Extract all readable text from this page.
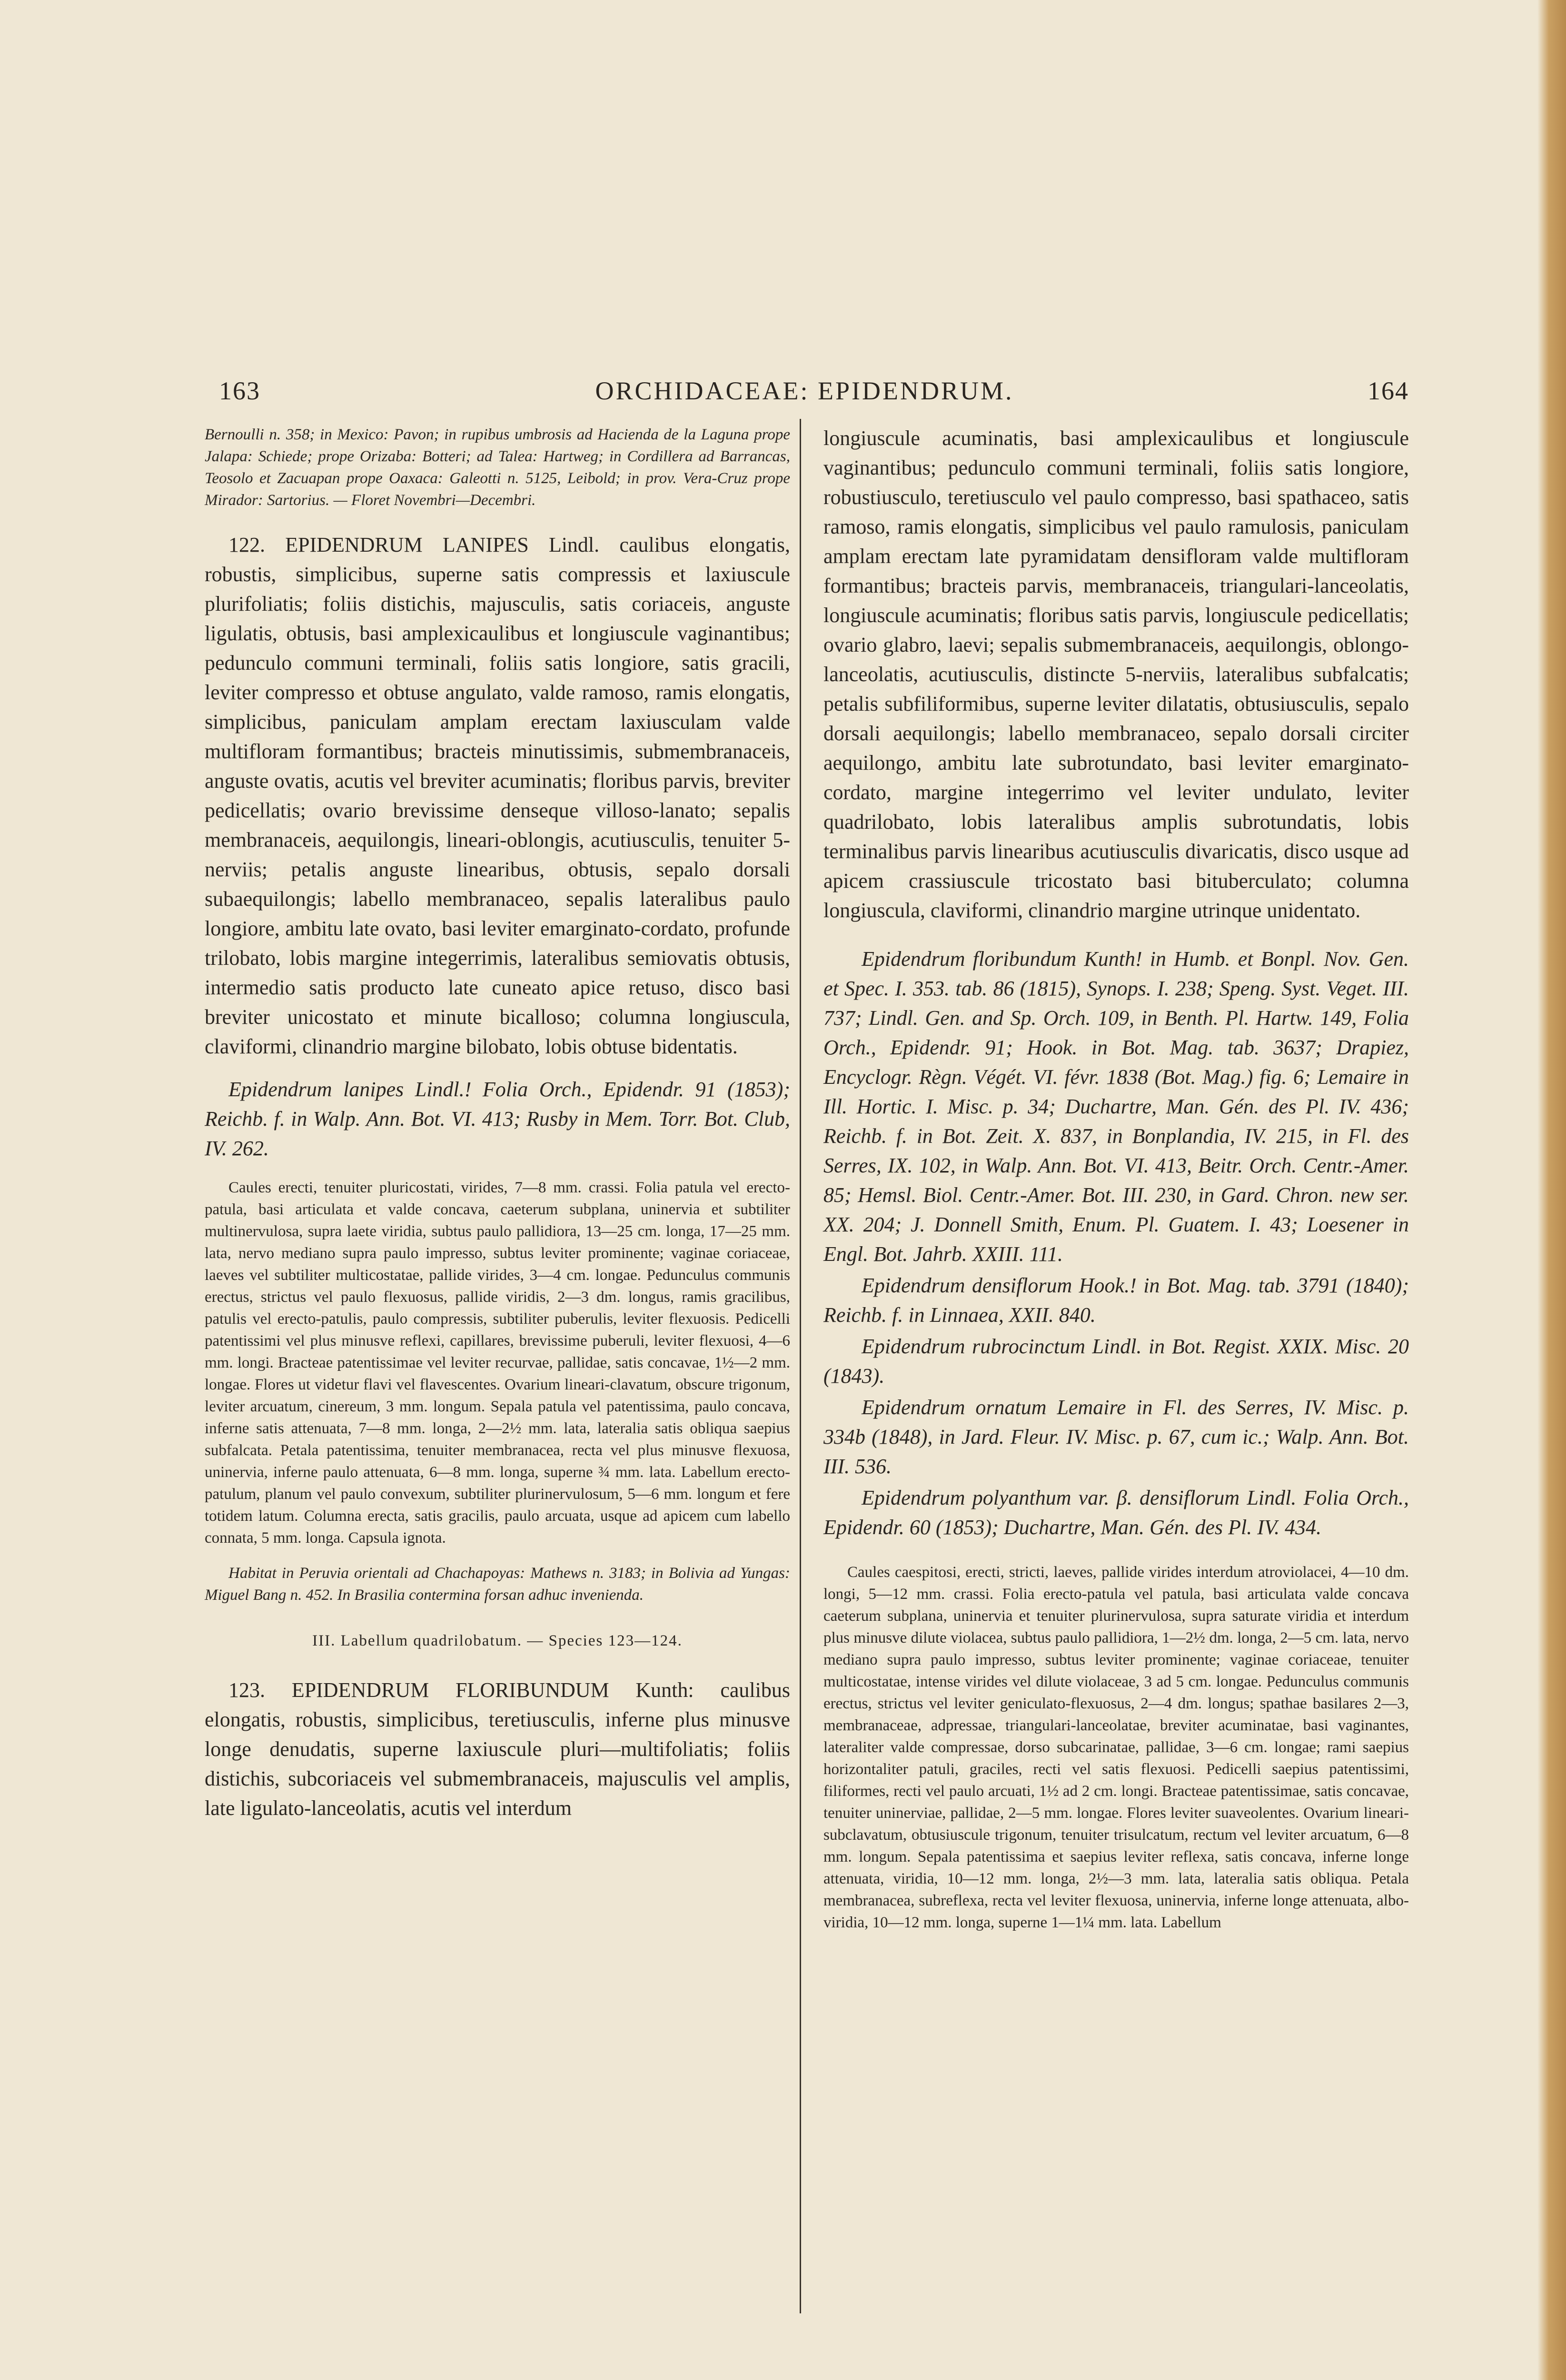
163	ORCHIDACEAE: EPIDENDRUM.	164

Bernoulli n. 358; in Mexico: Pavon; in rupibus umbrosis ad Hacienda de la Laguna prope Jalapa: Schiede; prope Orizaba: Botteri; ad Talea: Hartweg; in Cordillera ad Barrancas, Teosolo et Zacuapan prope Oaxaca: Galeotti n. 5125, Leibold; in prov. Vera-Cruz prope Mirador: Sartorius. — Floret Novembri—Decembri.

122. EPIDENDRUM LANIPES Lindl. caulibus elongatis, robustis, simplicibus, superne satis compressis et laxiuscule plurifoliatis; foliis distichis, majusculis, satis coriaceis, anguste ligulatis, obtusis, basi amplexicaulibus et longiuscule vaginantibus; pedunculo communi terminali, foliis satis longiore, satis gracili, leviter compresso et obtuse angulato, valde ramoso, ramis elongatis, simplicibus, paniculam amplam erectam laxiusculam valde multifloram formantibus; bracteis minutissimis, submembranaceis, anguste ovatis, acutis vel breviter acuminatis; floribus parvis, breviter pedicellatis; ovario brevissime denseque villoso-lanato; sepalis membranaceis, aequilongis, lineari-oblongis, acutiusculis, tenuiter 5-nerviis; petalis anguste linearibus, obtusis, sepalo dorsali subaequilongis; labello membranaceo, sepalis lateralibus paulo longiore, ambitu late ovato, basi leviter emarginato-cordato, profunde trilobato, lobis margine integerrimis, lateralibus semiovatis obtusis, intermedio satis producto late cuneato apice retuso, disco basi breviter unicostato et minute bicalloso; columna longiuscula, claviformi, clinandrio margine bilobato, lobis obtuse bidentatis.

Epidendrum lanipes Lindl.! Folia Orch., Epidendr. 91 (1853); Reichb. f. in Walp. Ann. Bot. VI. 413; Rusby in Mem. Torr. Bot. Club, IV. 262.

Caules erecti, tenuiter pluricostati, virides, 7—8 mm. crassi. Folia patula vel erecto-patula, basi articulata et valde concava, caeterum subplana, uninervia et subtiliter multinervulosa, supra laete viridia, subtus paulo pallidiora, 13—25 cm. longa, 17—25 mm. lata, nervo mediano supra paulo impresso, subtus leviter prominente; vaginae coriaceae, laeves vel subtiliter multicostatae, pallide virides, 3—4 cm. longae. Pedunculus communis erectus, strictus vel paulo flexuosus, pallide viridis, 2—3 dm. longus, ramis gracilibus, patulis vel erecto-patulis, paulo compressis, subtiliter puberulis, leviter flexuosis. Pedicelli patentissimi vel plus minusve reflexi, capillares, brevissime puberuli, leviter flexuosi, 4—6 mm. longi. Bracteae patentissimae vel leviter recurvae, pallidae, satis concavae, 1½—2 mm. longae. Flores ut videtur flavi vel flavescentes. Ovarium lineari-clavatum, obscure trigonum, leviter arcuatum, cinereum, 3 mm. longum. Sepala patula vel patentissima, paulo concava, inferne satis attenuata, 7—8 mm. longa, 2—2½ mm. lata, lateralia satis obliqua saepius subfalcata. Petala patentissima, tenuiter membranacea, recta vel plus minusve flexuosa, uninervia, inferne paulo attenuata, 6—8 mm. longa, superne ¾ mm. lata. Labellum erecto-patulum, planum vel paulo convexum, subtiliter plurinervulosum, 5—6 mm. longum et fere totidem latum. Columna erecta, satis gracilis, paulo arcuata, usque ad apicem cum labello connata, 5 mm. longa. Capsula ignota.

Habitat in Peruvia orientali ad Chachapoyas: Mathews n. 3183; in Bolivia ad Yungas: Miguel Bang n. 452. In Brasilia contermina forsan adhuc invenienda.

III. Labellum quadrilobatum. — Species 123—124.

123. EPIDENDRUM FLORIBUNDUM Kunth: caulibus elongatis, robustis, simplicibus, teretiusculis, inferne plus minusve longe denudatis, superne laxiuscule pluri—multifoliatis; foliis distichis, subcoriaceis vel submembranaceis, majusculis vel amplis, late ligulato-lanceolatis, acutis vel interdum

longiuscule acuminatis, basi amplexicaulibus et longiuscule vaginantibus; pedunculo communi terminali, foliis satis longiore, robustiusculo, teretiusculo vel paulo compresso, basi spathaceo, satis ramoso, ramis elongatis, simplicibus vel paulo ramulosis, paniculam amplam erectam late pyramidatam densifloram valde multifloram formantibus; bracteis parvis, membranaceis, triangulari-lanceolatis, longiuscule acuminatis; floribus satis parvis, longiuscule pedicellatis; ovario glabro, laevi; sepalis submembranaceis, aequilongis, oblongo-lanceolatis, acutiusculis, distincte 5-nerviis, lateralibus subfalcatis; petalis subfiliformibus, superne leviter dilatatis, obtusiusculis, sepalo dorsali aequilongis; labello membranaceo, sepalo dorsali circiter aequilongo, ambitu late subrotundato, basi leviter emarginato-cordato, margine integerrimo vel leviter undulato, leviter quadrilobato, lobis lateralibus amplis subrotundatis, lobis terminalibus parvis linearibus acutiusculis divaricatis, disco usque ad apicem crassiuscule tricostato basi bituberculato; columna longiuscula, claviformi, clinandrio margine utrinque unidentato.

Epidendrum floribundum Kunth! in Humb. et Bonpl. Nov. Gen. et Spec. I. 353. tab. 86 (1815), Synops. I. 238; Speng. Syst. Veget. III. 737; Lindl. Gen. and Sp. Orch. 109, in Benth. Pl. Hartw. 149, Folia Orch., Epidendr. 91; Hook. in Bot. Mag. tab. 3637; Drapiez, Encyclogr. Règn. Végét. VI. févr. 1838 (Bot. Mag.) fig. 6; Lemaire in Ill. Hortic. I. Misc. p. 34; Duchartre, Man. Gén. des Pl. IV. 436; Reichb. f. in Bot. Zeit. X. 837, in Bonplandia, IV. 215, in Fl. des Serres, IX. 102, in Walp. Ann. Bot. VI. 413, Beitr. Orch. Centr.-Amer. 85; Hemsl. Biol. Centr.-Amer. Bot. III. 230, in Gard. Chron. new ser. XX. 204; J. Donnell Smith, Enum. Pl. Guatem. I. 43; Loesener in Engl. Bot. Jahrb. XXIII. 111.

Epidendrum densiflorum Hook.! in Bot. Mag. tab. 3791 (1840); Reichb. f. in Linnaea, XXII. 840.

Epidendrum rubrocinctum Lindl. in Bot. Regist. XXIX. Misc. 20 (1843).

Epidendrum ornatum Lemaire in Fl. des Serres, IV. Misc. p. 334b (1848), in Jard. Fleur. IV. Misc. p. 67, cum ic.; Walp. Ann. Bot. III. 536.

Epidendrum polyanthum var. β. densiflorum Lindl. Folia Orch., Epidendr. 60 (1853); Duchartre, Man. Gén. des Pl. IV. 434.

Caules caespitosi, erecti, stricti, laeves, pallide virides interdum atroviolacei, 4—10 dm. longi, 5—12 mm. crassi. Folia erecto-patula vel patula, basi articulata valde concava caeterum subplana, uninervia et tenuiter plurinervulosa, supra saturate viridia et interdum plus minusve dilute violacea, subtus paulo pallidiora, 1—2½ dm. longa, 2—5 cm. lata, nervo mediano supra paulo impresso, subtus leviter prominente; vaginae coriaceae, tenuiter multicostatae, intense virides vel dilute violaceae, 3 ad 5 cm. longae. Pedunculus communis erectus, strictus vel leviter geniculato-flexuosus, 2—4 dm. longus; spathae basilares 2—3, membranaceae, adpressae, triangulari-lanceolatae, breviter acuminatae, basi vaginantes, lateraliter valde compressae, dorso subcarinatae, pallidae, 3—6 cm. longae; rami saepius horizontaliter patuli, graciles, recti vel satis flexuosi. Pedicelli saepius patentissimi, filiformes, recti vel paulo arcuati, 1½ ad 2 cm. longi. Bracteae patentissimae, satis concavae, tenuiter uninerviae, pallidae, 2—5 mm. longae. Flores leviter suaveolentes. Ovarium lineari-subclavatum, obtusiuscule trigonum, tenuiter trisulcatum, rectum vel leviter arcuatum, 6—8 mm. longum. Sepala patentissima et saepius leviter reflexa, satis concava, inferne longe attenuata, viridia, 10—12 mm. longa, 2½—3 mm. lata, lateralia satis obliqua. Petala membranacea, subreflexa, recta vel leviter flexuosa, uninervia, inferne longe attenuata, albo-viridia, 10—12 mm. longa, superne 1—1¼ mm. lata. Labellum
